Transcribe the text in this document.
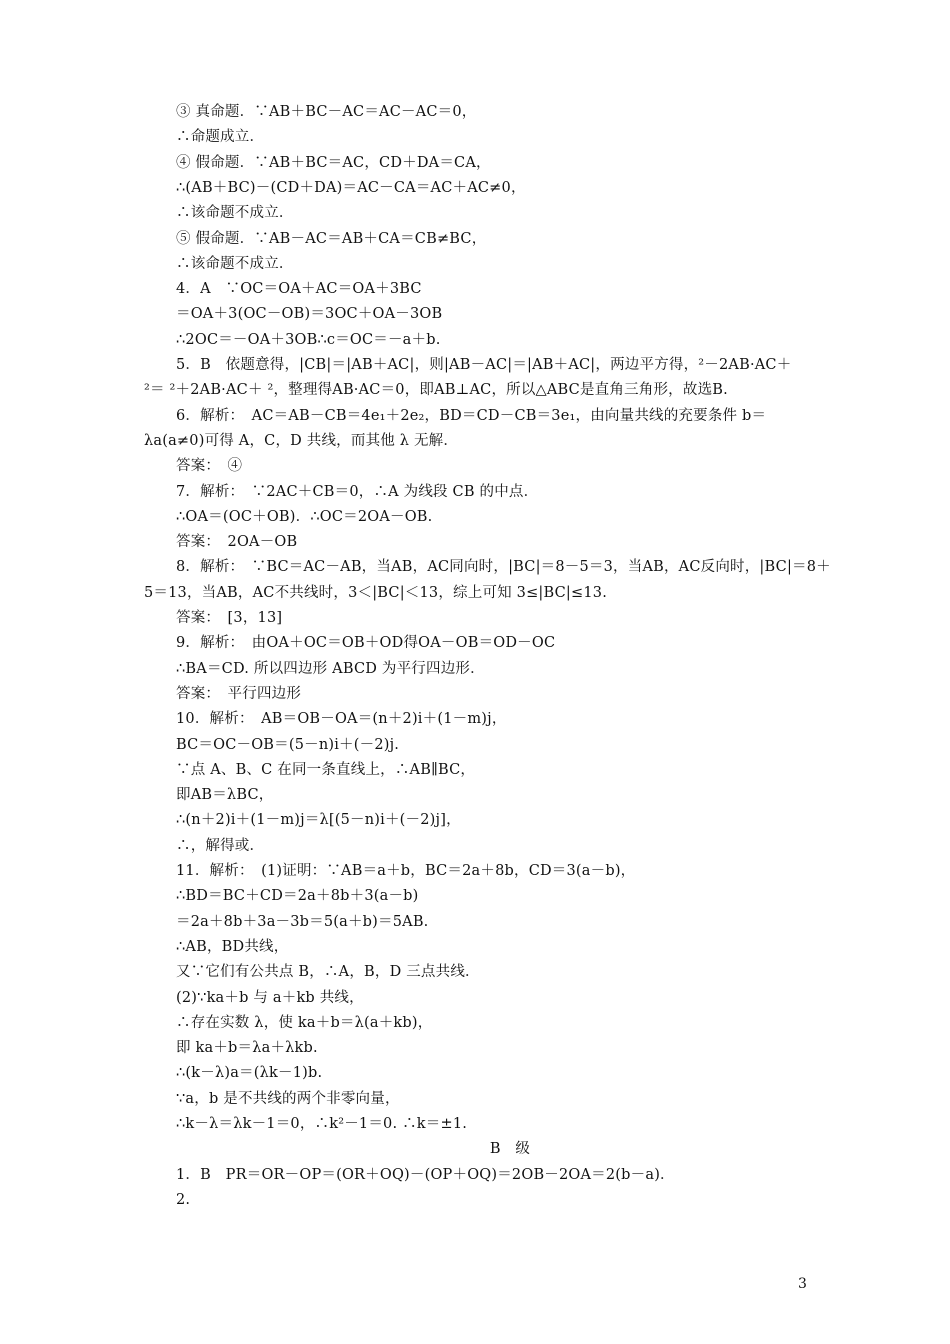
③ 真命题．∵AB＋BC－AC＝AC－AC＝0，
∴命题成立．
④ 假命题．∵AB＋BC＝AC，CD＋DA＝CA，
∴(AB＋BC)－(CD＋DA)＝AC－CA＝AC＋AC≠0，
∴该命题不成立．
⑤ 假命题．∵AB－AC＝AB＋CA＝CB≠BC，
∴该命题不成立．
4．A　∵OC＝OA＋AC＝OA＋3BC
＝OA＋3(OC－OB)＝3OC＋OA－3OB
∴2OC＝－OA＋3OB∴c＝OC＝－a＋b.
5．B　依题意得，|CB|＝|AB＋AC|，则|AB－AC|＝|AB＋AC|，两边平方得，²－2AB·AC＋
²＝ ²＋2AB·AC＋ ²，整理得AB·AC＝0，即AB⊥AC，所以△ABC是直角三角形，故选B.
6．解析：　AC＝AB－CB＝4e₁＋2e₂，BD＝CD－CB＝3e₁，由向量共线的充要条件 b＝
λa(a≠0)可得 A，C，D 共线，而其他 λ 无解．
答案：　④
7．解析：　∵2AC＋CB＝0，∴A 为线段 CB 的中点．
∴OA＝(OC＋OB)．∴OC＝2OA－OB.
答案：　2OA－OB
8．解析：　∵BC＝AC－AB，当AB，AC同向时，|BC|＝8－5＝3，当AB，AC反向时，|BC|＝8＋
5＝13，当AB，AC不共线时，3＜|BC|＜13，综上可知 3≤|BC|≤13.
答案：　[3，13]
9．解析：　由OA＋OC＝OB＋OD得OA－OB＝OD－OC
∴BA＝CD. 所以四边形 ABCD 为平行四边形．
答案：　平行四边形
10．解析：　AB＝OB－OA＝(n＋2)i＋(1－m)j，
BC＝OC－OB＝(5－n)i＋(－2)j.
∵点 A、B、C 在同一条直线上，∴AB∥BC，
即AB＝λBC，
∴(n＋2)i＋(1－m)j＝λ[(5－n)i＋(－2)j]，
∴，解得或．
11．解析：　(1)证明：∵AB＝a＋b，BC＝2a＋8b，CD＝3(a－b)，
∴BD＝BC＋CD＝2a＋8b＋3(a－b)
＝2a＋8b＋3a－3b＝5(a＋b)＝5AB.
∴AB，BD共线，
又∵它们有公共点 B，∴A，B，D 三点共线．
(2)∵ka＋b 与 a＋kb 共线，
∴存在实数 λ，使 ka＋b＝λ(a＋kb)，
即 ka＋b＝λa＋λkb.
∴(k－λ)a＝(λk－1)b.
∵a，b 是不共线的两个非零向量，
∴k－λ＝λk－1＝0，∴k²－1＝0. ∴k＝±1.
B　级
1．B　PR＝OR－OP＝(OR＋OQ)－(OP＋OQ)＝2OB－2OA＝2(b－a)．
2.
3
